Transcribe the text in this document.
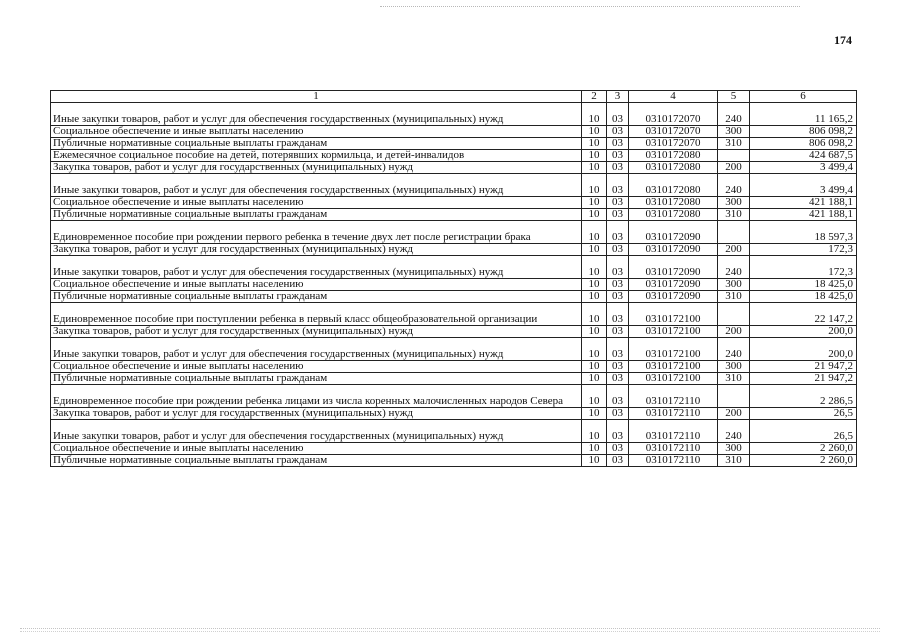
174
1	2	3	4	5	6
Иные закупки товаров, работ и услуг для обеспечения государственных (муниципальных) нужд	10	03	0310172070	240	11 165,2
Социальное обеспечение и иные выплаты населению	10	03	0310172070	300	806 098,2
Публичные нормативные социальные выплаты гражданам	10	03	0310172070	310	806 098,2
Ежемесячное социальное пособие на детей, потерявших кормильца, и детей-инвалидов	10	03	0310172080		424 687,5
Закупка товаров, работ и услуг для государственных (муниципальных) нужд	10	03	0310172080	200	3 499,4
Иные закупки товаров, работ и услуг для обеспечения государственных (муниципальных) нужд	10	03	0310172080	240	3 499,4
Социальное обеспечение и иные выплаты населению	10	03	0310172080	300	421 188,1
Публичные нормативные социальные выплаты гражданам	10	03	0310172080	310	421 188,1
Единовременное пособие при рождении первого ребенка в течение двух лет после регистрации брака	10	03	0310172090		18 597,3
Закупка товаров, работ и услуг для государственных (муниципальных) нужд	10	03	0310172090	200	172,3
Иные закупки товаров, работ и услуг для обеспечения государственных (муниципальных) нужд	10	03	0310172090	240	172,3
Социальное обеспечение и иные выплаты населению	10	03	0310172090	300	18 425,0
Публичные нормативные социальные выплаты гражданам	10	03	0310172090	310	18 425,0
Единовременное пособие при поступлении ребенка в первый класс общеобразовательной организации	10	03	0310172100		22 147,2
Закупка товаров, работ и услуг для государственных (муниципальных) нужд	10	03	0310172100	200	200,0
Иные закупки товаров, работ и услуг для обеспечения государственных (муниципальных) нужд	10	03	0310172100	240	200,0
Социальное обеспечение и иные выплаты населению	10	03	0310172100	300	21 947,2
Публичные нормативные социальные выплаты гражданам	10	03	0310172100	310	21 947,2
Единовременное пособие при рождении ребенка лицами из числа коренных малочисленных народов Севера	10	03	0310172110		2 286,5
Закупка товаров, работ и услуг для государственных (муниципальных) нужд	10	03	0310172110	200	26,5
Иные закупки товаров, работ и услуг для обеспечения государственных (муниципальных) нужд	10	03	0310172110	240	26,5
Социальное обеспечение и иные выплаты населению	10	03	0310172110	300	2 260,0
Публичные нормативные социальные выплаты гражданам	10	03	0310172110	310	2 260,0
